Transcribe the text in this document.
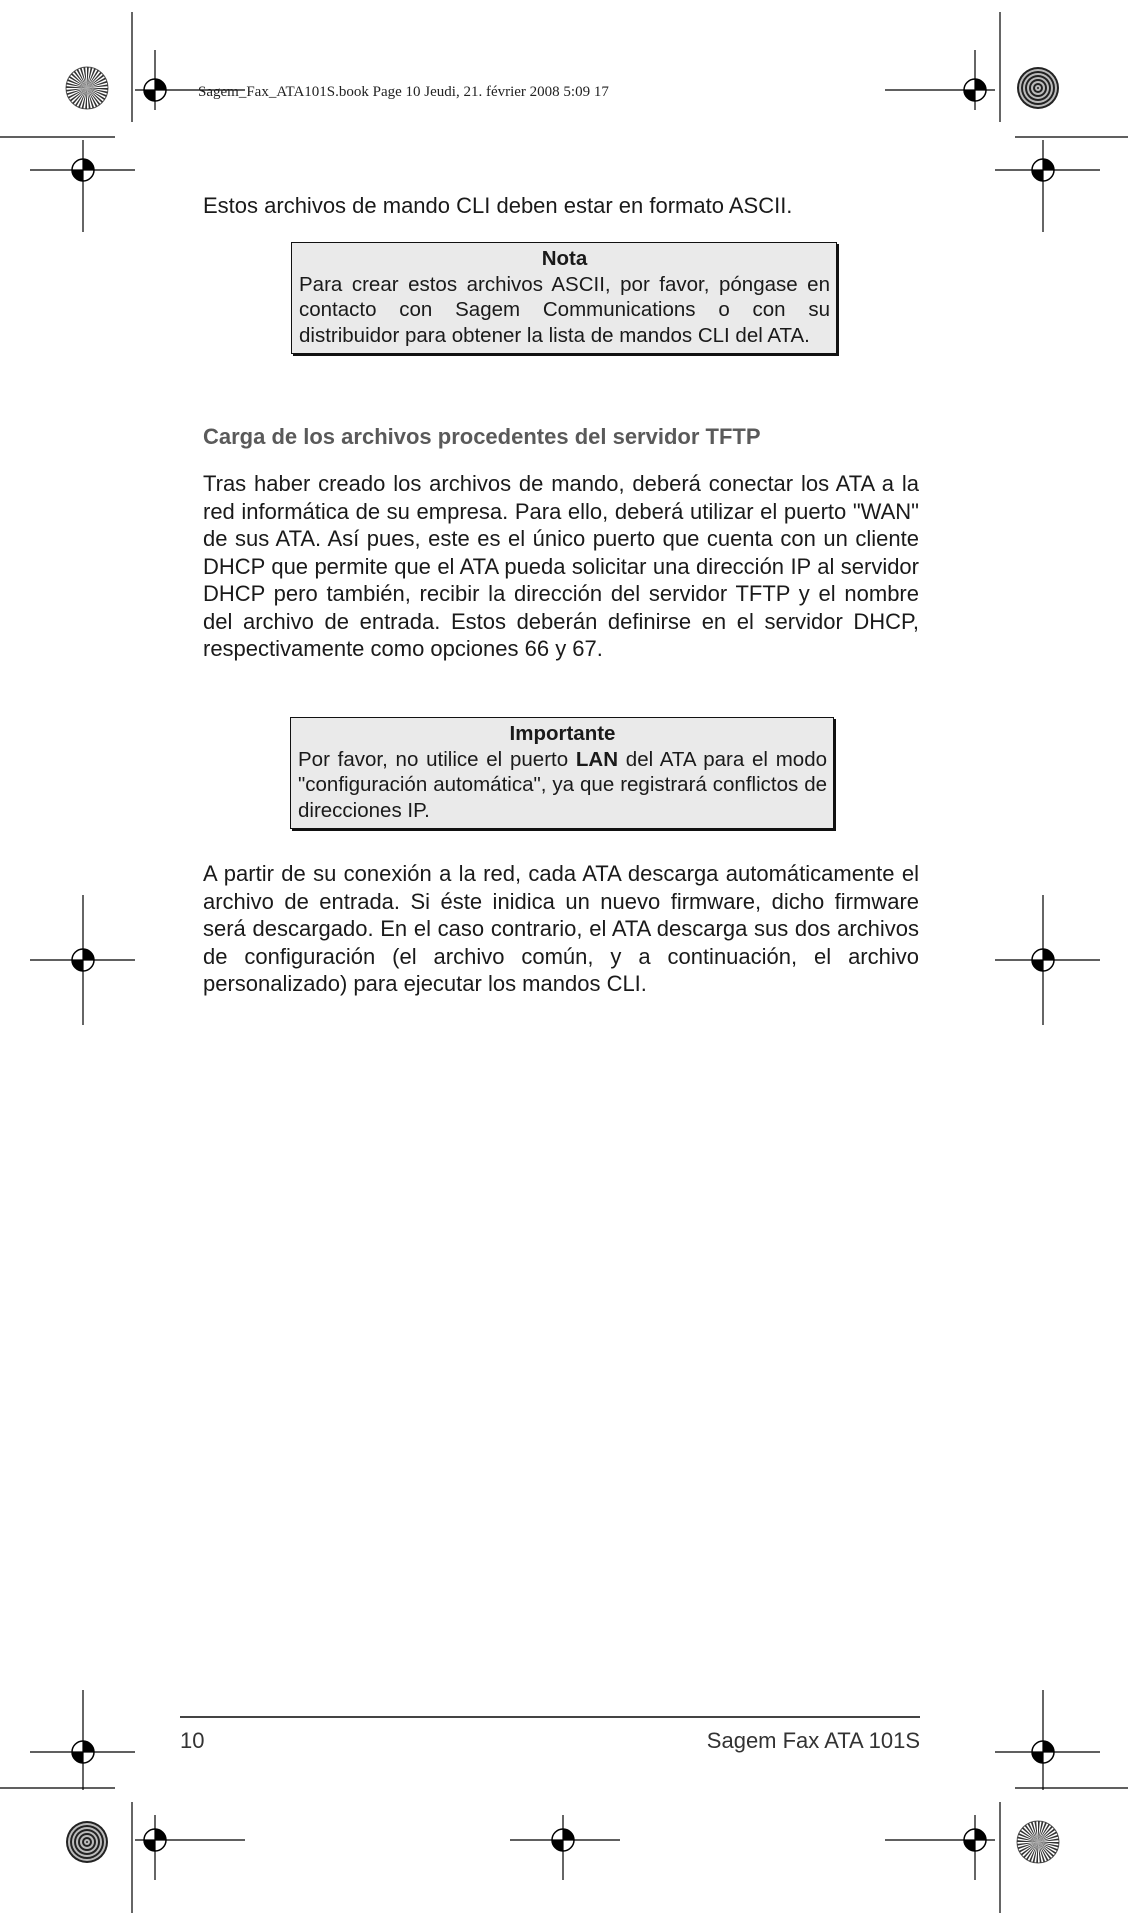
Sagem_Fax_ATA101S.book Page 10 Jeudi, 21. février 2008 5:09 17
Estos archivos de mando CLI deben estar en formato ASCII.
Nota
Para crear estos archivos ASCII, por favor, póngase en contacto con Sagem Communications o con su distribuidor para obtener la lista de mandos CLI del ATA.
Carga de los archivos procedentes del servidor TFTP
Tras haber creado los archivos de mando, deberá conectar los ATA a la red informática de su empresa. Para ello, deberá utilizar el puerto "WAN" de sus ATA. Así pues, este es el único puerto que cuenta con un cliente DHCP que permite que el ATA pueda solicitar una dirección IP al servidor DHCP pero también, recibir la dirección del servidor TFTP y el nombre del archivo de entrada. Estos deberán definirse en el servidor DHCP, respectivamente como opciones 66 y 67.
Importante
Por favor, no utilice el puerto LAN del ATA para el modo "configuración automática", ya que registrará conflictos de direcciones IP.
A partir de su conexión a la red, cada ATA descarga automáticamente el archivo de entrada. Si éste inidica un nuevo firmware, dicho firmware será descargado. En el caso contrario, el ATA descarga sus dos archivos de configuración (el archivo común, y a continuación, el archivo personalizado) para ejecutar los mandos CLI.
10	Sagem Fax ATA 101S
